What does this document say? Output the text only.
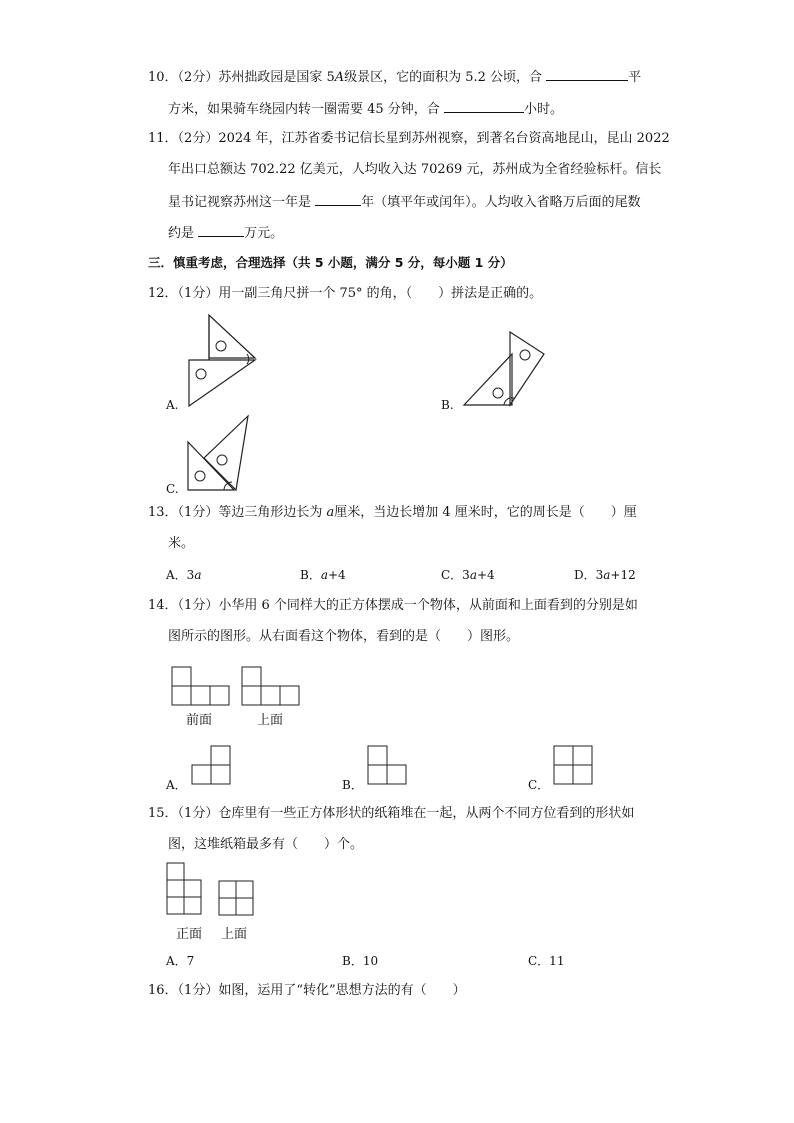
10．（2分）苏州拙政园是国家 5A级景区，它的面积为 5.2 公顷，合	平
方米，如果骑车绕园内转一圈需要 45 分钟，合	小时。
11．（2分）2024 年，江苏省委书记信长星到苏州视察，到著名台资高地昆山，昆山 2022
年出口总额达 702.22 亿美元，人均收入达 70269 元，苏州成为全省经验标杆。信长
星书记视察苏州这一年是	年（填平年或闰年）。人均收入省略万后面的尾数
约是	万元。
三．慎重考虑，合理选择（共 5 小题，满分 5 分，每小题 1 分）
12．（1分）用一副三角尺拼一个 75° 的角，（　　）拼法是正确的。
A.	B.
C.
13．（1分）等边三角形边长为 a厘米，当边长增加 4 厘米时，它的周长是（　　）厘
米。
A．3a	B．a+4	C．3a+4	D．3a+12
14．（1分）小华用 6 个同样大的正方体摆成一个物体，从前面和上面看到的分别是如
图所示的图形。从右面看这个物体，看到的是（　　）图形。
前面	上面
A．	B．	C．
15．（1分）仓库里有一些正方体形状的纸箱堆在一起，从两个不同方位看到的形状如
图，这堆纸箱最多有（　　）个。
正面 上面
A．7	B．10	C．11
16．（1分）如图，运用了“转化”思想方法的有（　　）
